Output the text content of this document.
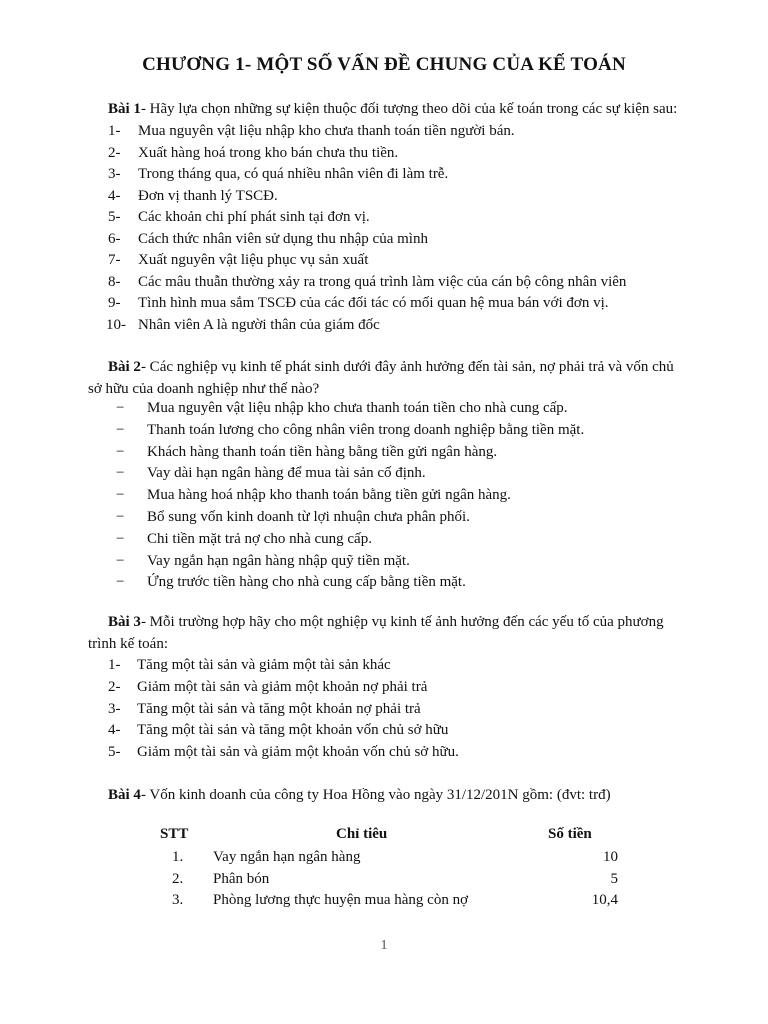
CHƯƠNG 1- MỘT SỐ VẤN ĐỀ CHUNG CỦA KẾ TOÁN
Bài 1- Hãy lựa chọn những sự kiện thuộc đối tượng theo dõi của kế toán trong các sự kiện sau:
1- Mua nguyên vật liệu nhập kho chưa thanh toán tiền người bán.
2- Xuất hàng hoá trong kho bán chưa thu tiền.
3- Trong tháng qua, có quá nhiều nhân viên đi làm trễ.
4- Đơn vị thanh lý TSCĐ.
5- Các khoản chi phí phát sinh tại đơn vị.
6- Cách thức nhân viên sử dụng thu nhập của mình
7- Xuất nguyên vật liệu phục vụ sản xuất
8- Các mâu thuẫn thường xảy ra trong quá trình làm việc của cán bộ công nhân viên
9- Tình hình mua sắm TSCĐ của các đối tác có mối quan hệ mua bán với đơn vị.
10- Nhân viên A là người thân của giám đốc
Bài 2- Các nghiệp vụ kinh tế phát sinh dưới đây ảnh hưởng đến tài sản, nợ phải trả và vốn chủ
sở hữu của doanh nghiệp như thế nào?
− Mua nguyên vật liệu nhập kho chưa thanh toán tiền cho nhà cung cấp.
− Thanh toán lương cho công nhân viên trong doanh nghiệp bằng tiền mặt.
− Khách hàng thanh toán tiền hàng bằng tiền gửi ngân hàng.
− Vay dài hạn ngân hàng để mua tài sản cố định.
− Mua hàng hoá nhập kho thanh toán bằng tiền gửi ngân hàng.
− Bổ sung vốn kinh doanh từ lợi nhuận chưa phân phối.
− Chi tiền mặt trả nợ cho nhà cung cấp.
− Vay ngắn hạn ngân hàng nhập quỹ tiền mặt.
− Ứng trước tiền hàng cho nhà cung cấp bằng tiền mặt.
Bài 3- Mỗi trường hợp hãy cho một nghiệp vụ kinh tế ảnh hưởng đến các yếu tố của phương
trình kế toán:
1- Tăng một tài sản và giảm một tài sản khác
2- Giảm một tài sản và giảm một khoản nợ phải trả
3- Tăng một tài sản và tăng một khoản nợ phải trả
4- Tăng một tài sản và tăng một khoản vốn chủ sở hữu
5- Giảm một tài sản và giảm một khoản vốn chủ sở hữu.
Bài 4- Vốn kinh doanh của công ty Hoa Hồng vào ngày 31/12/201N gồm: (đvt: trđ)
STT	Chỉ tiêu	Số tiền
1. Vay ngắn hạn ngân hàng	10
2. Phân bón	5
3. Phòng lương thực huyện mua hàng còn nợ	10,4
1
